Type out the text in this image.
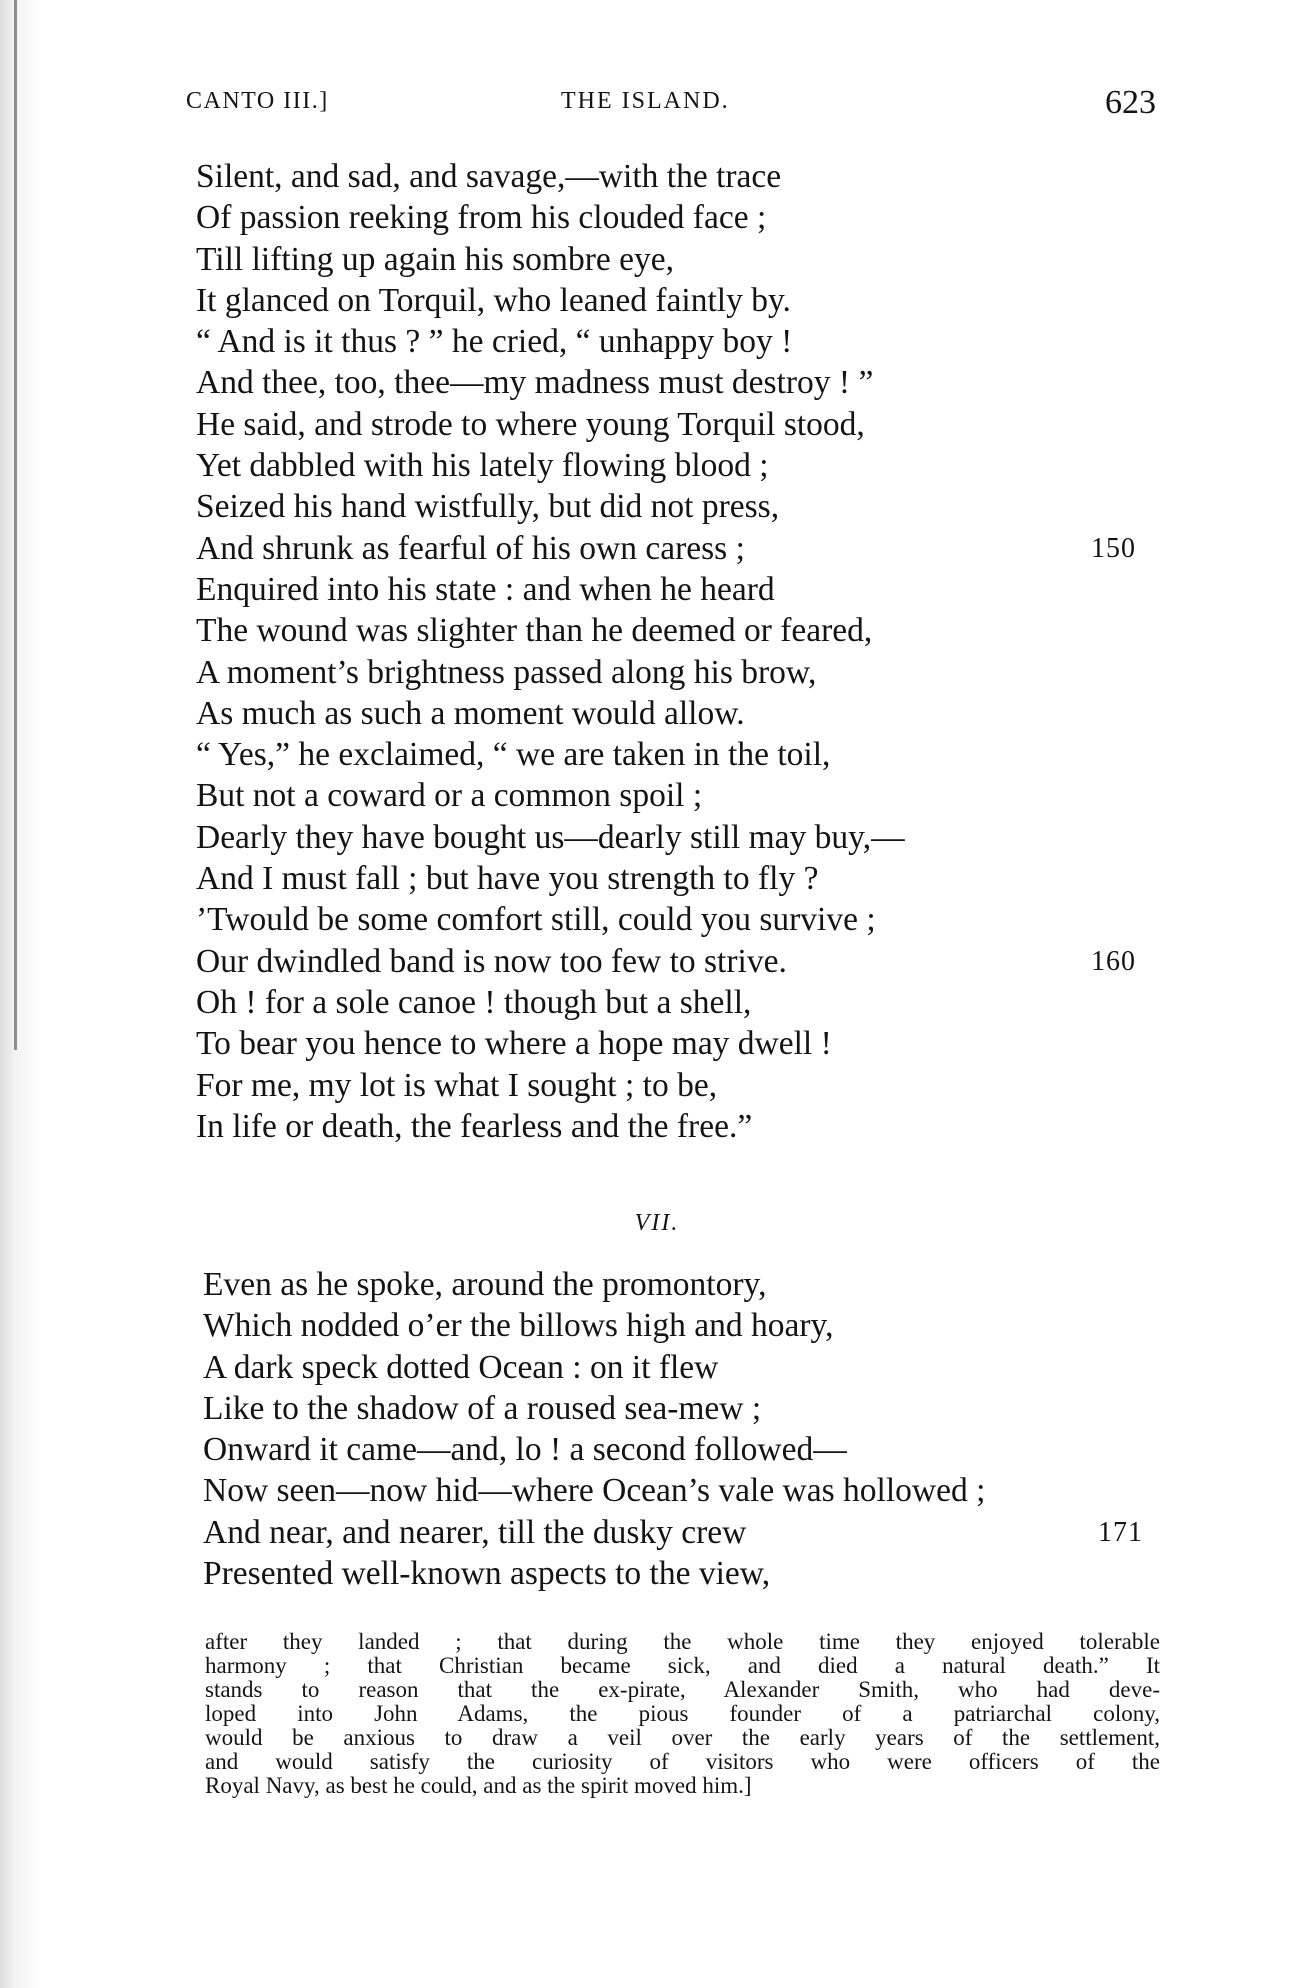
CANTO III.]	THE ISLAND.	623
Silent, and sad, and savage,—with the trace
Of passion reeking from his clouded face ;
Till lifting up again his sombre eye,
It glanced on Torquil, who leaned faintly by.
“ And is it thus ? ” he cried, “ unhappy boy !
And thee, too, thee—my madness must destroy ! ”
He said, and strode to where young Torquil stood,
Yet dabbled with his lately flowing blood ;
Seized his hand wistfully, but did not press,
And shrunk as fearful of his own caress ;	150
Enquired into his state : and when he heard
The wound was slighter than he deemed or feared,
A moment’s brightness passed along his brow,
As much as such a moment would allow.
“ Yes,” he exclaimed, “ we are taken in the toil,
But not a coward or a common spoil ;
Dearly they have bought us—dearly still may buy,—
And I must fall ; but have you strength to fly ?
’Twould be some comfort still, could you survive ;
Our dwindled band is now too few to strive.	160
Oh ! for a sole canoe ! though but a shell,
To bear you hence to where a hope may dwell !
For me, my lot is what I sought ; to be,
In life or death, the fearless and the free.”
VII.
Even as he spoke, around the promontory,
Which nodded o’er the billows high and hoary,
A dark speck dotted Ocean : on it flew
Like to the shadow of a roused sea-mew ;
Onward it came—and, lo ! a second followed—
Now seen—now hid—where Ocean’s vale was hollowed ;
And near, and nearer, till the dusky crew	171
Presented well-known aspects to the view,
after they landed ; that during the whole time they enjoyed tolerable
harmony ; that Christian became sick, and died a natural death.” It
stands to reason that the ex-pirate, Alexander Smith, who had deve-
loped into John Adams, the pious founder of a patriarchal colony,
would be anxious to draw a veil over the early years of the settlement,
and would satisfy the curiosity of visitors who were officers of the
Royal Navy, as best he could, and as the spirit moved him.]
